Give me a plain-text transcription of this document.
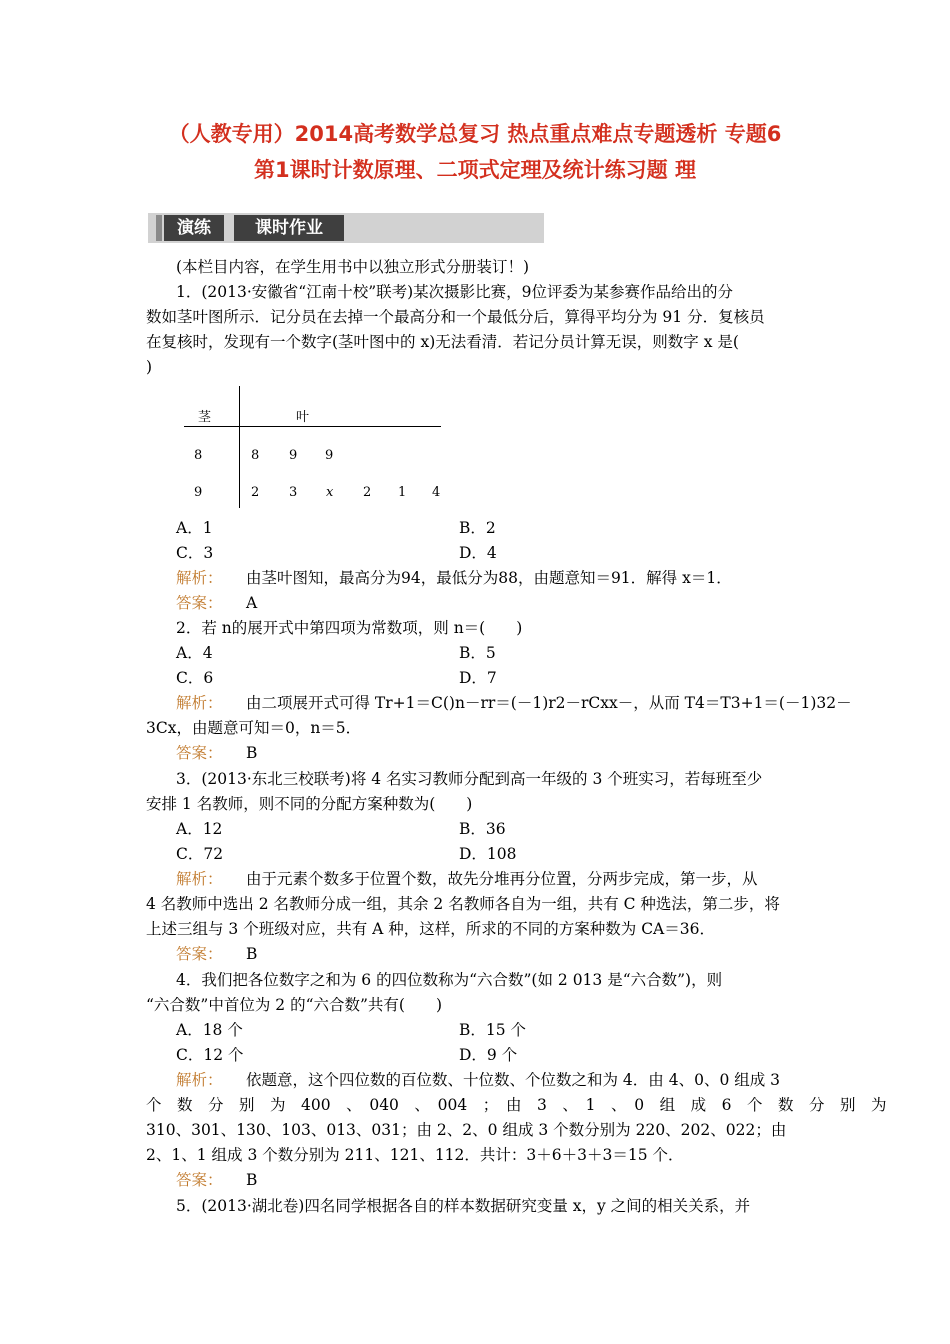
（人教专用）2014高考数学总复习 热点重点难点专题透析 专题6
第1课时计数原理、二项式定理及统计练习题 理
演练	课时作业
(本栏目内容，在学生用书中以独立形式分册装订！)
1．(2013·安徽省“江南十校”联考)某次摄影比赛，9位评委为某参赛作品给出的分
数如茎叶图所示．记分员在去掉一个最高分和一个最低分后，算得平均分为 91 分．复核员
在复核时，发现有一个数字(茎叶图中的 x)无法看清．若记分员计算无误，则数字 x 是(
)
茎	叶
8	8 9 9
9	2 3 x 2 1 4
A．1	B．2
C．3	D．4
解析： 由茎叶图知，最高分为94，最低分为88，由题意知＝91．解得 x＝1．
答案： A
2．若 n的展开式中第四项为常数项，则 n＝(　　)
A．4	B．5
C．6	D．7
解析： 由二项展开式可得 Tr+1＝C()n－rr＝(－1)r2－rCxx－，从而 T4＝T3+1＝(－1)32－
3Cx，由题意可知＝0，n＝5．
答案： B
3．(2013·东北三校联考)将 4 名实习教师分配到高一年级的 3 个班实习，若每班至少
安排 1 名教师，则不同的分配方案种数为(　　)
A．12	B．36
C．72	D．108
解析： 由于元素个数多于位置个数，故先分堆再分位置，分两步完成，第一步，从
4 名教师中选出 2 名教师分成一组，其余 2 名教师各自为一组，共有 C 种选法，第二步，将
上述三组与 3 个班级对应，共有 A 种，这样，所求的不同的方案种数为 CA＝36．
答案： B
4．我们把各位数字之和为 6 的四位数称为“六合数”(如 2 013 是“六合数”)，则
“六合数”中首位为 2 的“六合数”共有(　　)
A．18 个	B．15 个
C．12 个	D．9 个
解析： 依题意，这个四位数的百位数、十位数、个位数之和为 4．由 4、0、0 组成 3
个　数　分　别　为　400　、　040　、　004　；　由　3　、　1　、　0　组　成　6　个　数　分　别　为
310、301、130、103、013、031；由 2、2、0 组成 3 个数分别为 220、202、022；由
2、1、1 组成 3 个数分别为 211、121、112．共计：3＋6＋3＋3＝15 个．
答案： B
5．(2013·湖北卷)四名同学根据各自的样本数据研究变量 x，y 之间的相关关系，并
